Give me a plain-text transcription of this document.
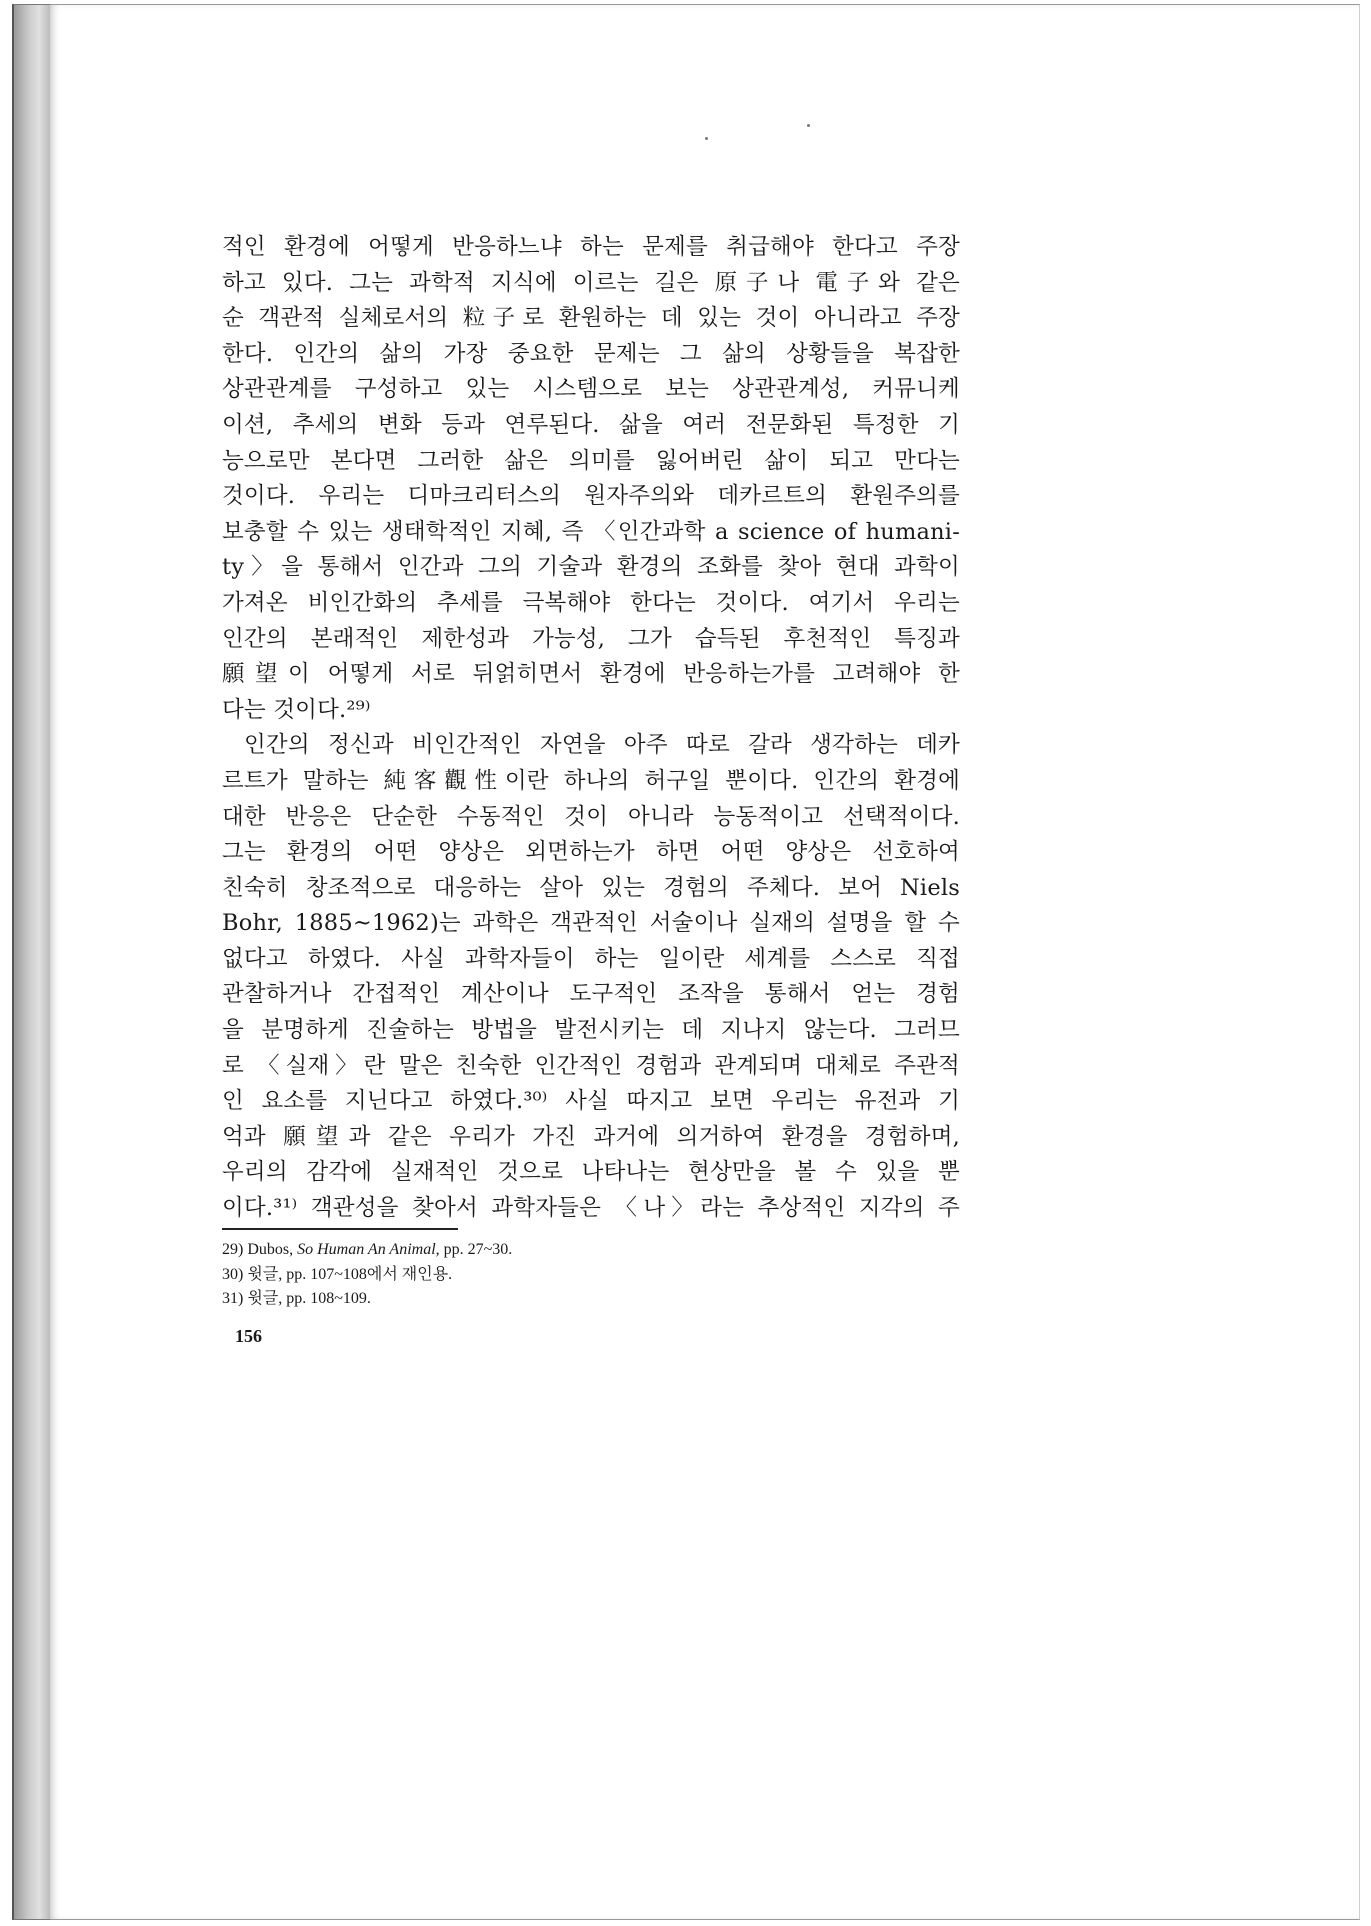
적인 환경에 어떻게 반응하느냐 하는 문제를 취급해야 한다고 주장
하고 있다. 그는 과학적 지식에 이르는 길은 原子나 電子와 같은
순 객관적 실체로서의 粒子로 환원하는 데 있는 것이 아니라고 주장
한다. 인간의 삶의 가장 중요한 문제는 그 삶의 상황들을 복잡한
상관관계를 구성하고 있는 시스템으로 보는 상관관계성, 커뮤니케
이션, 추세의 변화 등과 연루된다. 삶을 여러 전문화된 특정한 기
능으로만 본다면 그러한 삶은 의미를 잃어버린 삶이 되고 만다는
것이다. 우리는 디마크리터스의 원자주의와 데카르트의 환원주의를
보충할 수 있는 생태학적인 지혜, 즉 〈인간과학 a science of humani-
ty〉을 통해서 인간과 그의 기술과 환경의 조화를 찾아 현대 과학이
가져온 비인간화의 추세를 극복해야 한다는 것이다. 여기서 우리는
인간의 본래적인 제한성과 가능성, 그가 습득된 후천적인 특징과
願望이 어떻게 서로 뒤얽히면서 환경에 반응하는가를 고려해야 한
다는 것이다.²⁹⁾
인간의 정신과 비인간적인 자연을 아주 따로 갈라 생각하는 데카
르트가 말하는 純客觀性이란 하나의 허구일 뿐이다. 인간의 환경에
대한 반응은 단순한 수동적인 것이 아니라 능동적이고 선택적이다.
그는 환경의 어떤 양상은 외면하는가 하면 어떤 양상은 선호하여
친숙히 창조적으로 대응하는 살아 있는 경험의 주체다. 보어 Niels
Bohr, 1885~1962)는 과학은 객관적인 서술이나 실재의 설명을 할 수
없다고 하였다. 사실 과학자들이 하는 일이란 세계를 스스로 직접
관찰하거나 간접적인 계산이나 도구적인 조작을 통해서 얻는 경험
을 분명하게 진술하는 방법을 발전시키는 데 지나지 않는다. 그러므
로 〈실재〉란 말은 친숙한 인간적인 경험과 관계되며 대체로 주관적
인 요소를 지닌다고 하였다.³⁰⁾ 사실 따지고 보면 우리는 유전과 기
억과 願望과 같은 우리가 가진 과거에 의거하여 환경을 경험하며,
우리의 감각에 실재적인 것으로 나타나는 현상만을 볼 수 있을 뿐
이다.³¹⁾ 객관성을 찾아서 과학자들은 〈나〉라는 추상적인 지각의 주
29) Dubos, So Human An Animal, pp. 27~30.
30) 윗글, pp. 107~108에서 재인용.
31) 윗글, pp. 108~109.
156
